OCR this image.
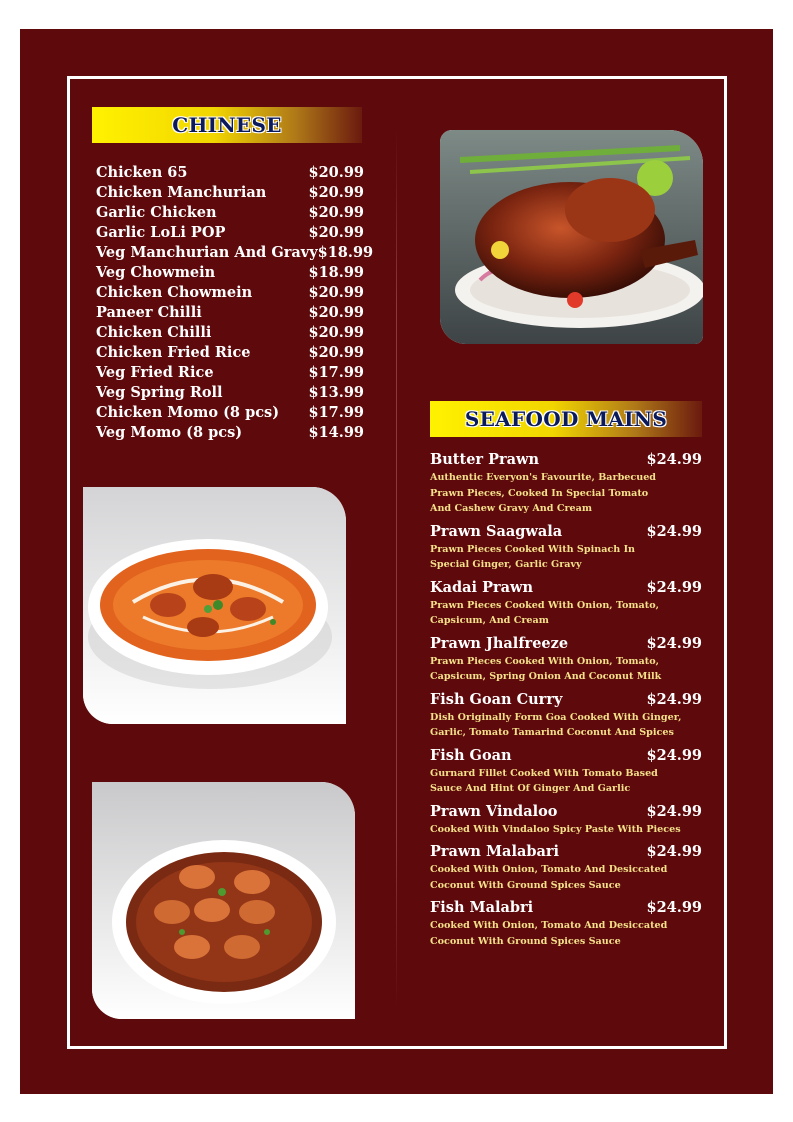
CHINESE
Chicken 65	$20.99
Chicken Manchurian	$20.99
Garlic Chicken	$20.99
Garlic LoLi POP	$20.99
Veg Manchurian And Gravy $18.99
Veg Chowmein	$18.99
Chicken Chowmein	$20.99
Paneer Chilli	$20.99
Chicken Chilli	$20.99
Chicken Fried Rice	$20.99
Veg Fried Rice	$17.99
Veg Spring Roll	$13.99
Chicken Momo (8 pcs) $17.99
Veg Momo (8 pcs)	$14.99
SEAFOOD MAINS
Butter Prawn	$24.99
Authentic Everyon's Favourite, Barbecued
Prawn Pieces, Cooked In Special Tomato
And Cashew Gravy And Cream
Prawn Saagwala	$24.99
Prawn Pieces Cooked With Spinach In
Special Ginger, Garlic Gravy
Kadai Prawn	$24.99
Prawn Pieces Cooked With Onion, Tomato,
Capsicum, And Cream
Prawn Jhalfreeze	$24.99
Prawn Pieces Cooked With Onion, Tomato,
Capsicum, Spring Onion And Coconut Milk
Fish Goan Curry	$24.99
Dish Originally Form Goa Cooked With Ginger,
Garlic, Tomato Tamarind Coconut And Spices
Fish Goan	$24.99
Gurnard Fillet Cooked With Tomato Based
Sauce And Hint Of Ginger And Garlic
Prawn Vindaloo	$24.99
Cooked With Vindaloo Spicy Paste With Pieces
Prawn Malabari	$24.99
Cooked With Onion, Tomato And Desiccated
Coconut With Ground Spices Sauce
Fish Malabri	$24.99
Cooked With Onion, Tomato And Desiccated
Coconut With Ground Spices Sauce
